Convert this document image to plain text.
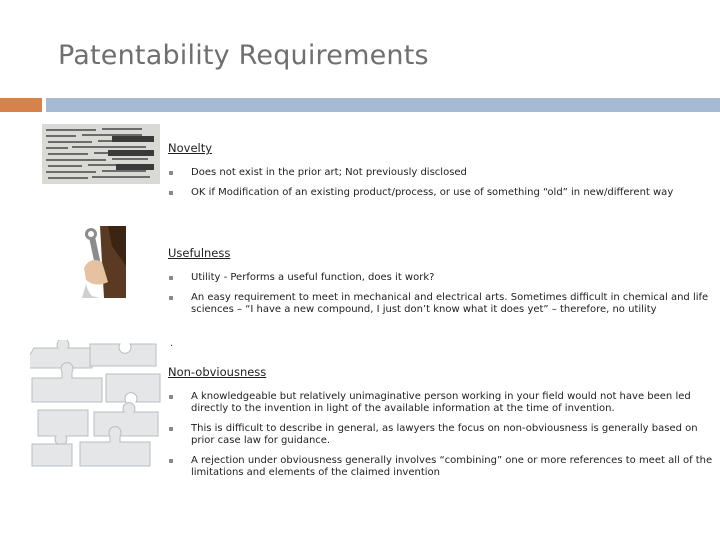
Patentability Requirements
Novelty
Does not exist in the prior art; Not previously disclosed
OK if Modification of an existing product/process, or use of something “old” in new/different way
Usefulness
Utility - Performs a useful function, does it work?
An easy requirement to meet in mechanical and electrical arts. Sometimes difficult in chemical and life sciences – “I have a new compound, I just don’t know what it does yet” – therefore, no utility
.
Non-obviousness
A knowledgeable but relatively unimaginative person working in your field would not have been led directly to the invention in light of the available information at the time of invention.
This is difficult to describe in general, as lawyers the focus on non-obviousness is generally based on prior case law for guidance.
A rejection under obviousness generally involves “combining” one or more references to meet all of the limitations and elements of the claimed invention
